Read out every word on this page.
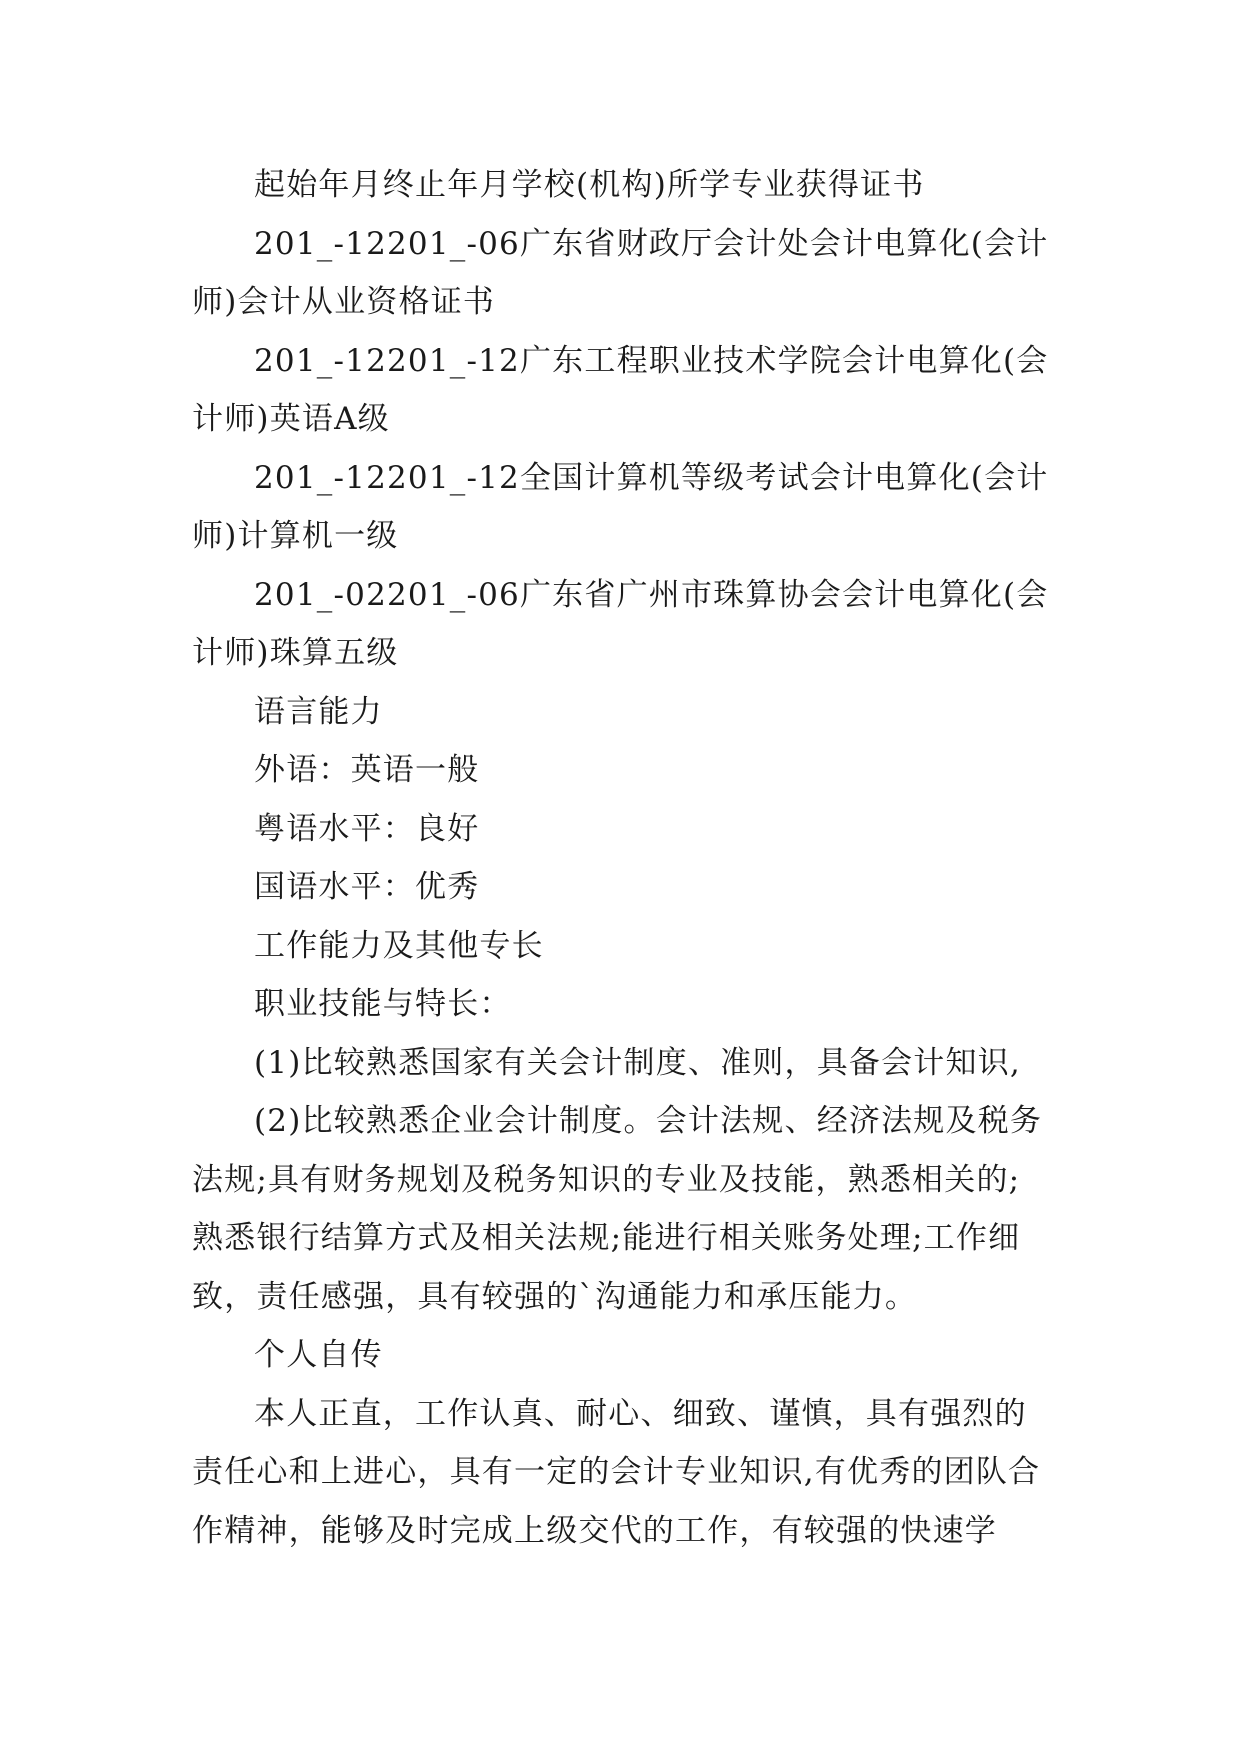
起始年月终止年月学校(机构)所学专业获得证书

201_-12201_-06广东省财政厅会计处会计电算化(会计师)会计从业资格证书

201_-12201_-12广东工程职业技术学院会计电算化(会计师)英语A级

201_-12201_-12全国计算机等级考试会计电算化(会计师)计算机一级

201_-02201_-06广东省广州市珠算协会会计电算化(会计师)珠算五级

语言能力

外语：英语一般

粤语水平：良好

国语水平：优秀

工作能力及其他专长

职业技能与特长：

(1)比较熟悉国家有关会计制度、准则，具备会计知识,

(2)比较熟悉企业会计制度。会计法规、经济法规及税务法规;具有财务规划及税务知识的专业及技能，熟悉相关的;熟悉银行结算方式及相关法规;能进行相关账务处理;工作细致，责任感强，具有较强的`沟通能力和承压能力。

个人自传

本人正直，工作认真、耐心、细致、谨慎，具有强烈的责任心和上进心，具有一定的会计专业知识,有优秀的团队合作精神，能够及时完成上级交代的工作，有较强的快速学
